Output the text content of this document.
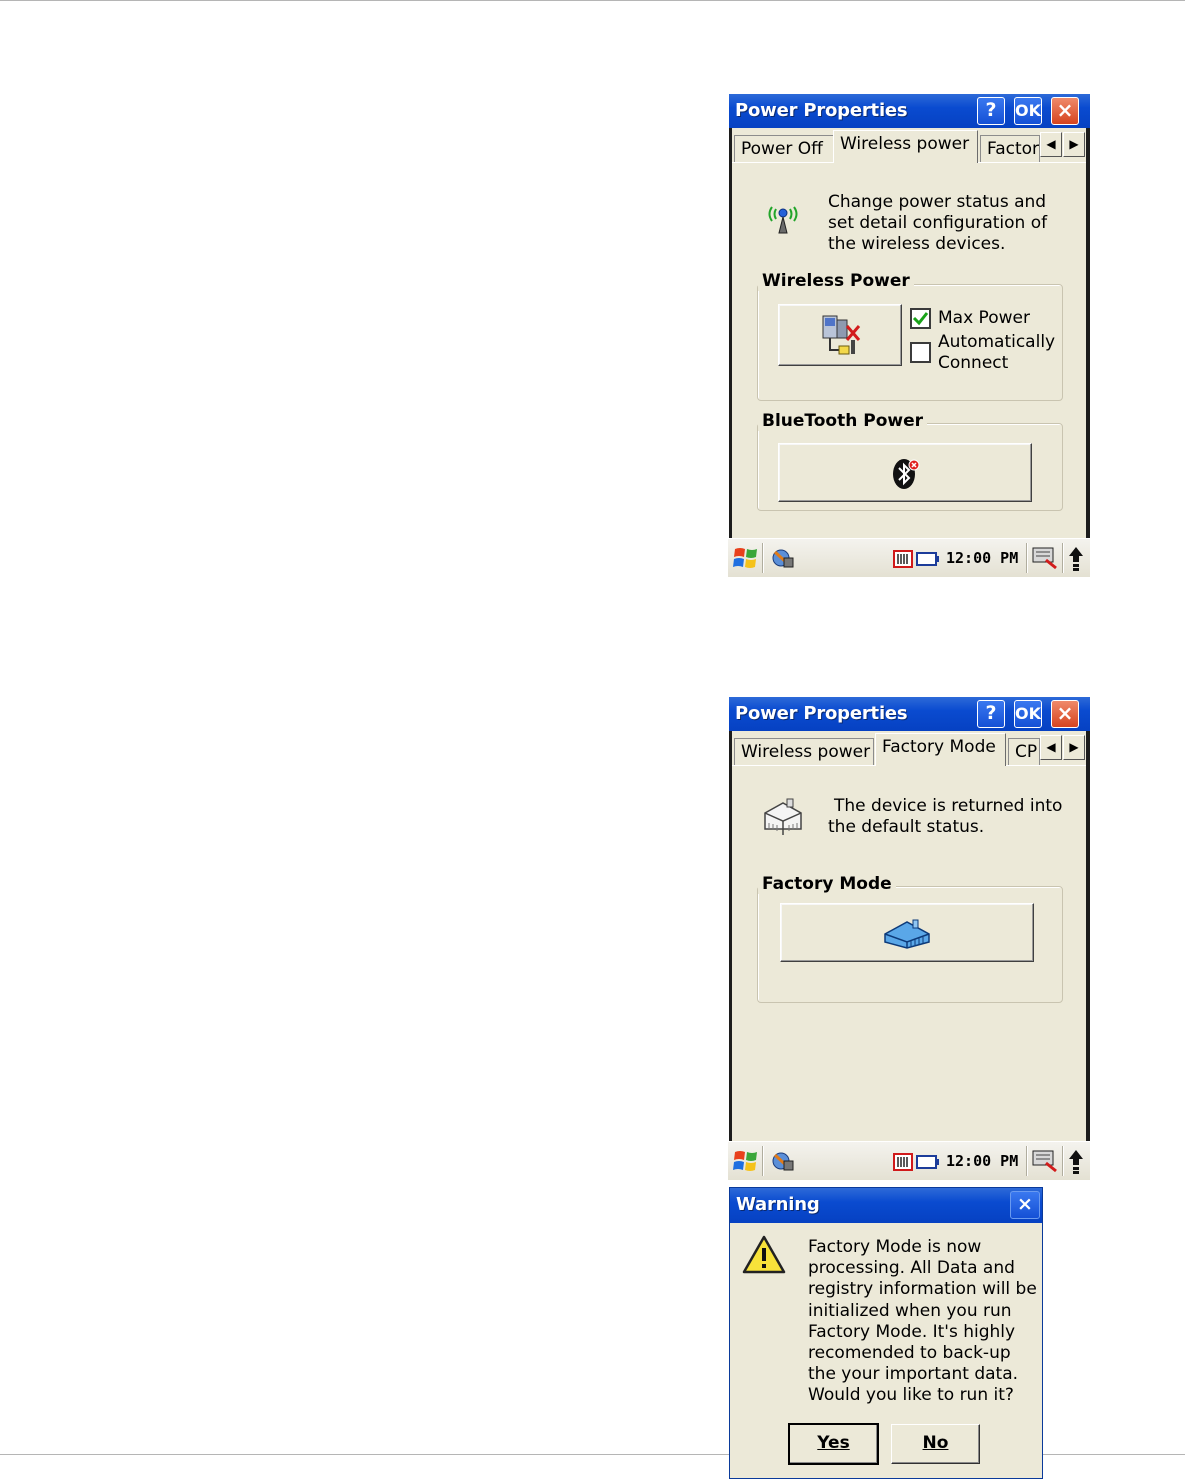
Power Properties	?	OK ×
Power Off	Wireless power	Factor ◀	▶
Change power status and set detail configuration of the wireless devices.
Wireless Power
Max Power
Automatically Connect
BlueTooth Power
12:00 PM
Power Properties	?	OK ×
Wireless power Factory Mode	CP ◀	▶
The device is returned into the default status.
Factory Mode
12:00 PM
Warning	×
Factory Mode is now processing. All Data and registry information will be initialized when you run Factory Mode. It's highly recomended to back-up the your important data. Would you like to run it?
Yes	No
